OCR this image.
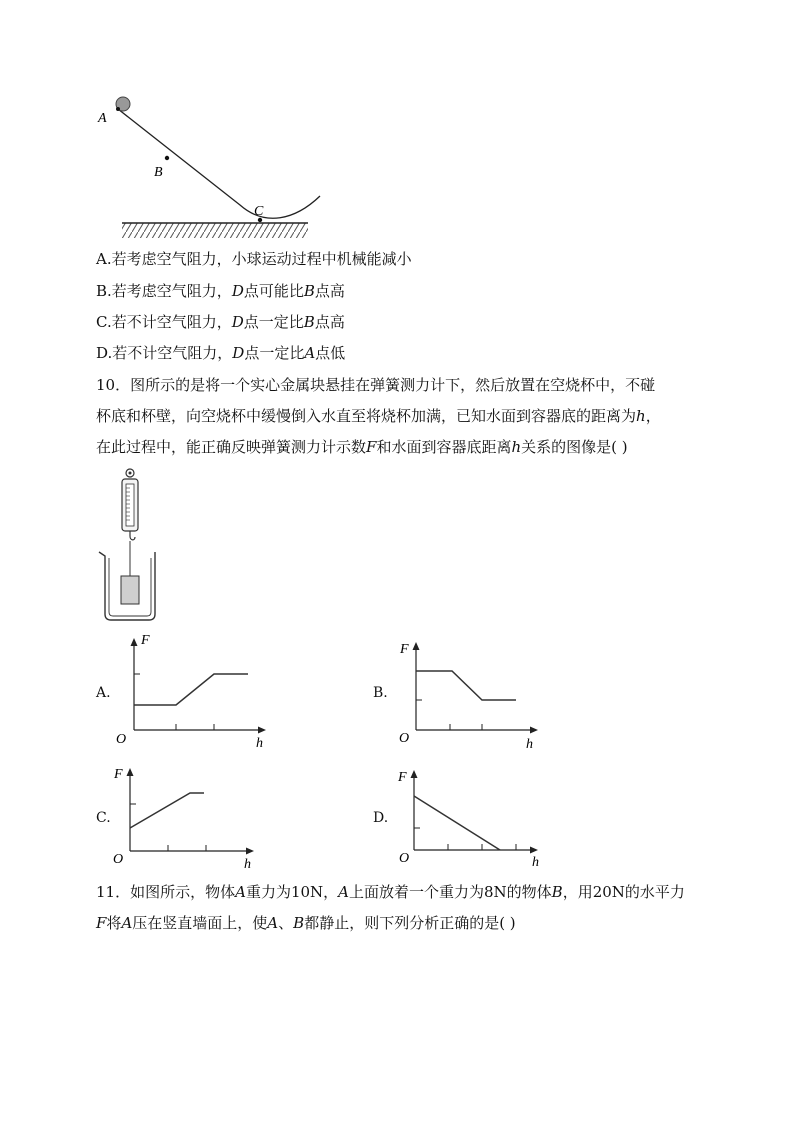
A
B
C
A.若考虑空气阻力，小球运动过程中机械能减小
B.若考虑空气阻力，D点可能比B点高
C.若不计空气阻力，D点一定比B点高
D.若不计空气阻力，D点一定比A点低
10．图所示的是将一个实心金属块悬挂在弹簧测力计下，然后放置在空烧杯中，不碰
杯底和杯壁，向空烧杯中缓慢倒入水直至将烧杯加满，已知水面到容器底的距离为h，
在此过程中，能正确反映弹簧测力计示数F和水面到容器底距离h关系的图像是( )
A.
F
h
O
B.
F
h
O
C.
F
h
O
D.
F
h
O
11．如图所示，物体A重力为10N，A上面放着一个重力为8N的物体B，用20N的水平力
F将A压在竖直墙面上，使A、B都静止，则下列分析正确的是( )
